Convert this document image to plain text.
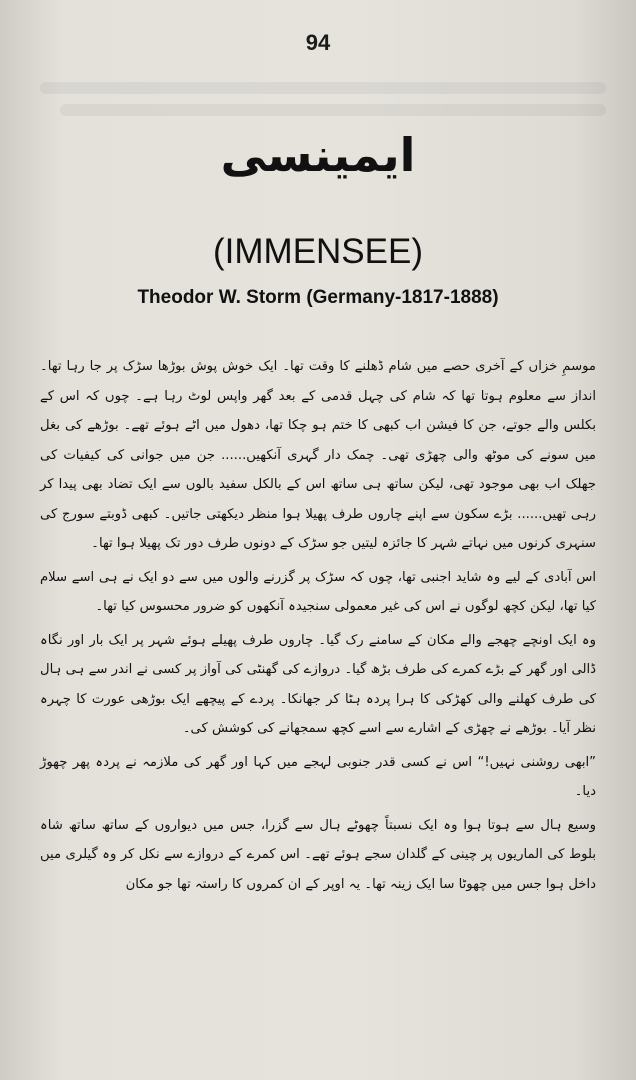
94
ایمینسی
(IMMENSEE)
Theodor W. Storm (Germany-1817-1888)

موسمِ خزاں کے آخری حصے میں شام ڈھلنے کا وقت تھا۔ ایک خوش پوش بوڑھا سڑک پر جا رہا تھا۔ انداز سے معلوم ہوتا تھا کہ شام کی چہل قدمی کے بعد گھر واپس لوٹ رہا ہے۔ چوں کہ اس کے بکلس والے جوتے، جن کا فیشن اب کبھی کا ختم ہو چکا تھا، دھول میں اٹے ہوئے تھے۔ بوڑھے کی بغل میں سونے کی موٹھ والی چھڑی تھی۔ چمک دار گہری آنکھیں...... جن میں جوانی کی کیفیات کی جھلک اب بھی موجود تھی، لیکن ساتھ ہی ساتھ اس کے بالکل سفید بالوں سے ایک تضاد بھی پیدا کر رہی تھیں...... بڑے سکون سے اپنے چاروں طرف پھیلا ہوا منظر دیکھتی جاتیں۔ کبھی ڈوبتے سورج کی سنہری کرنوں میں نہاتے شہر کا جائزہ لیتیں جو سڑک کے دونوں طرف دور تک پھیلا ہوا تھا۔

اس آبادی کے لیے وہ شاید اجنبی تھا، چوں کہ سڑک پر گزرنے والوں میں سے دو ایک نے ہی اسے سلام کیا تھا، لیکن کچھ لوگوں نے اس کی غیر معمولی سنجیدہ آنکھوں کو ضرور محسوس کیا تھا۔

وہ ایک اونچے چھجے والے مکان کے سامنے رک گیا۔ چاروں طرف پھیلے ہوئے شہر پر ایک بار اور نگاہ ڈالی اور گھر کے بڑے کمرے کی طرف بڑھ گیا۔ دروازے کی گھنٹی کی آواز پر کسی نے اندر سے ہی ہال کی طرف کھلنے والی کھڑکی کا ہرا پردہ ہٹا کر جھانکا۔ پردے کے پیچھے ایک بوڑھی عورت کا چہرہ نظر آیا۔ بوڑھے نے چھڑی کے اشارے سے اسے کچھ سمجھانے کی کوشش کی۔

”ابھی روشنی نہیں!“ اس نے کسی قدر جنوبی لہجے میں کہا اور گھر کی ملازمہ نے پردہ پھر چھوڑ دیا۔

وسیع ہال سے ہوتا ہوا وہ ایک نسبتاً چھوٹے ہال سے گزرا، جس میں دیواروں کے ساتھ ساتھ شاہ بلوط کی الماریوں پر چینی کے گلدان سجے ہوئے تھے۔ اس کمرے کے دروازے سے نکل کر وہ گیلری میں داخل ہوا جس میں چھوٹا سا ایک زینہ تھا۔ یہ اوپر کے ان کمروں کا راستہ تھا جو مکان
